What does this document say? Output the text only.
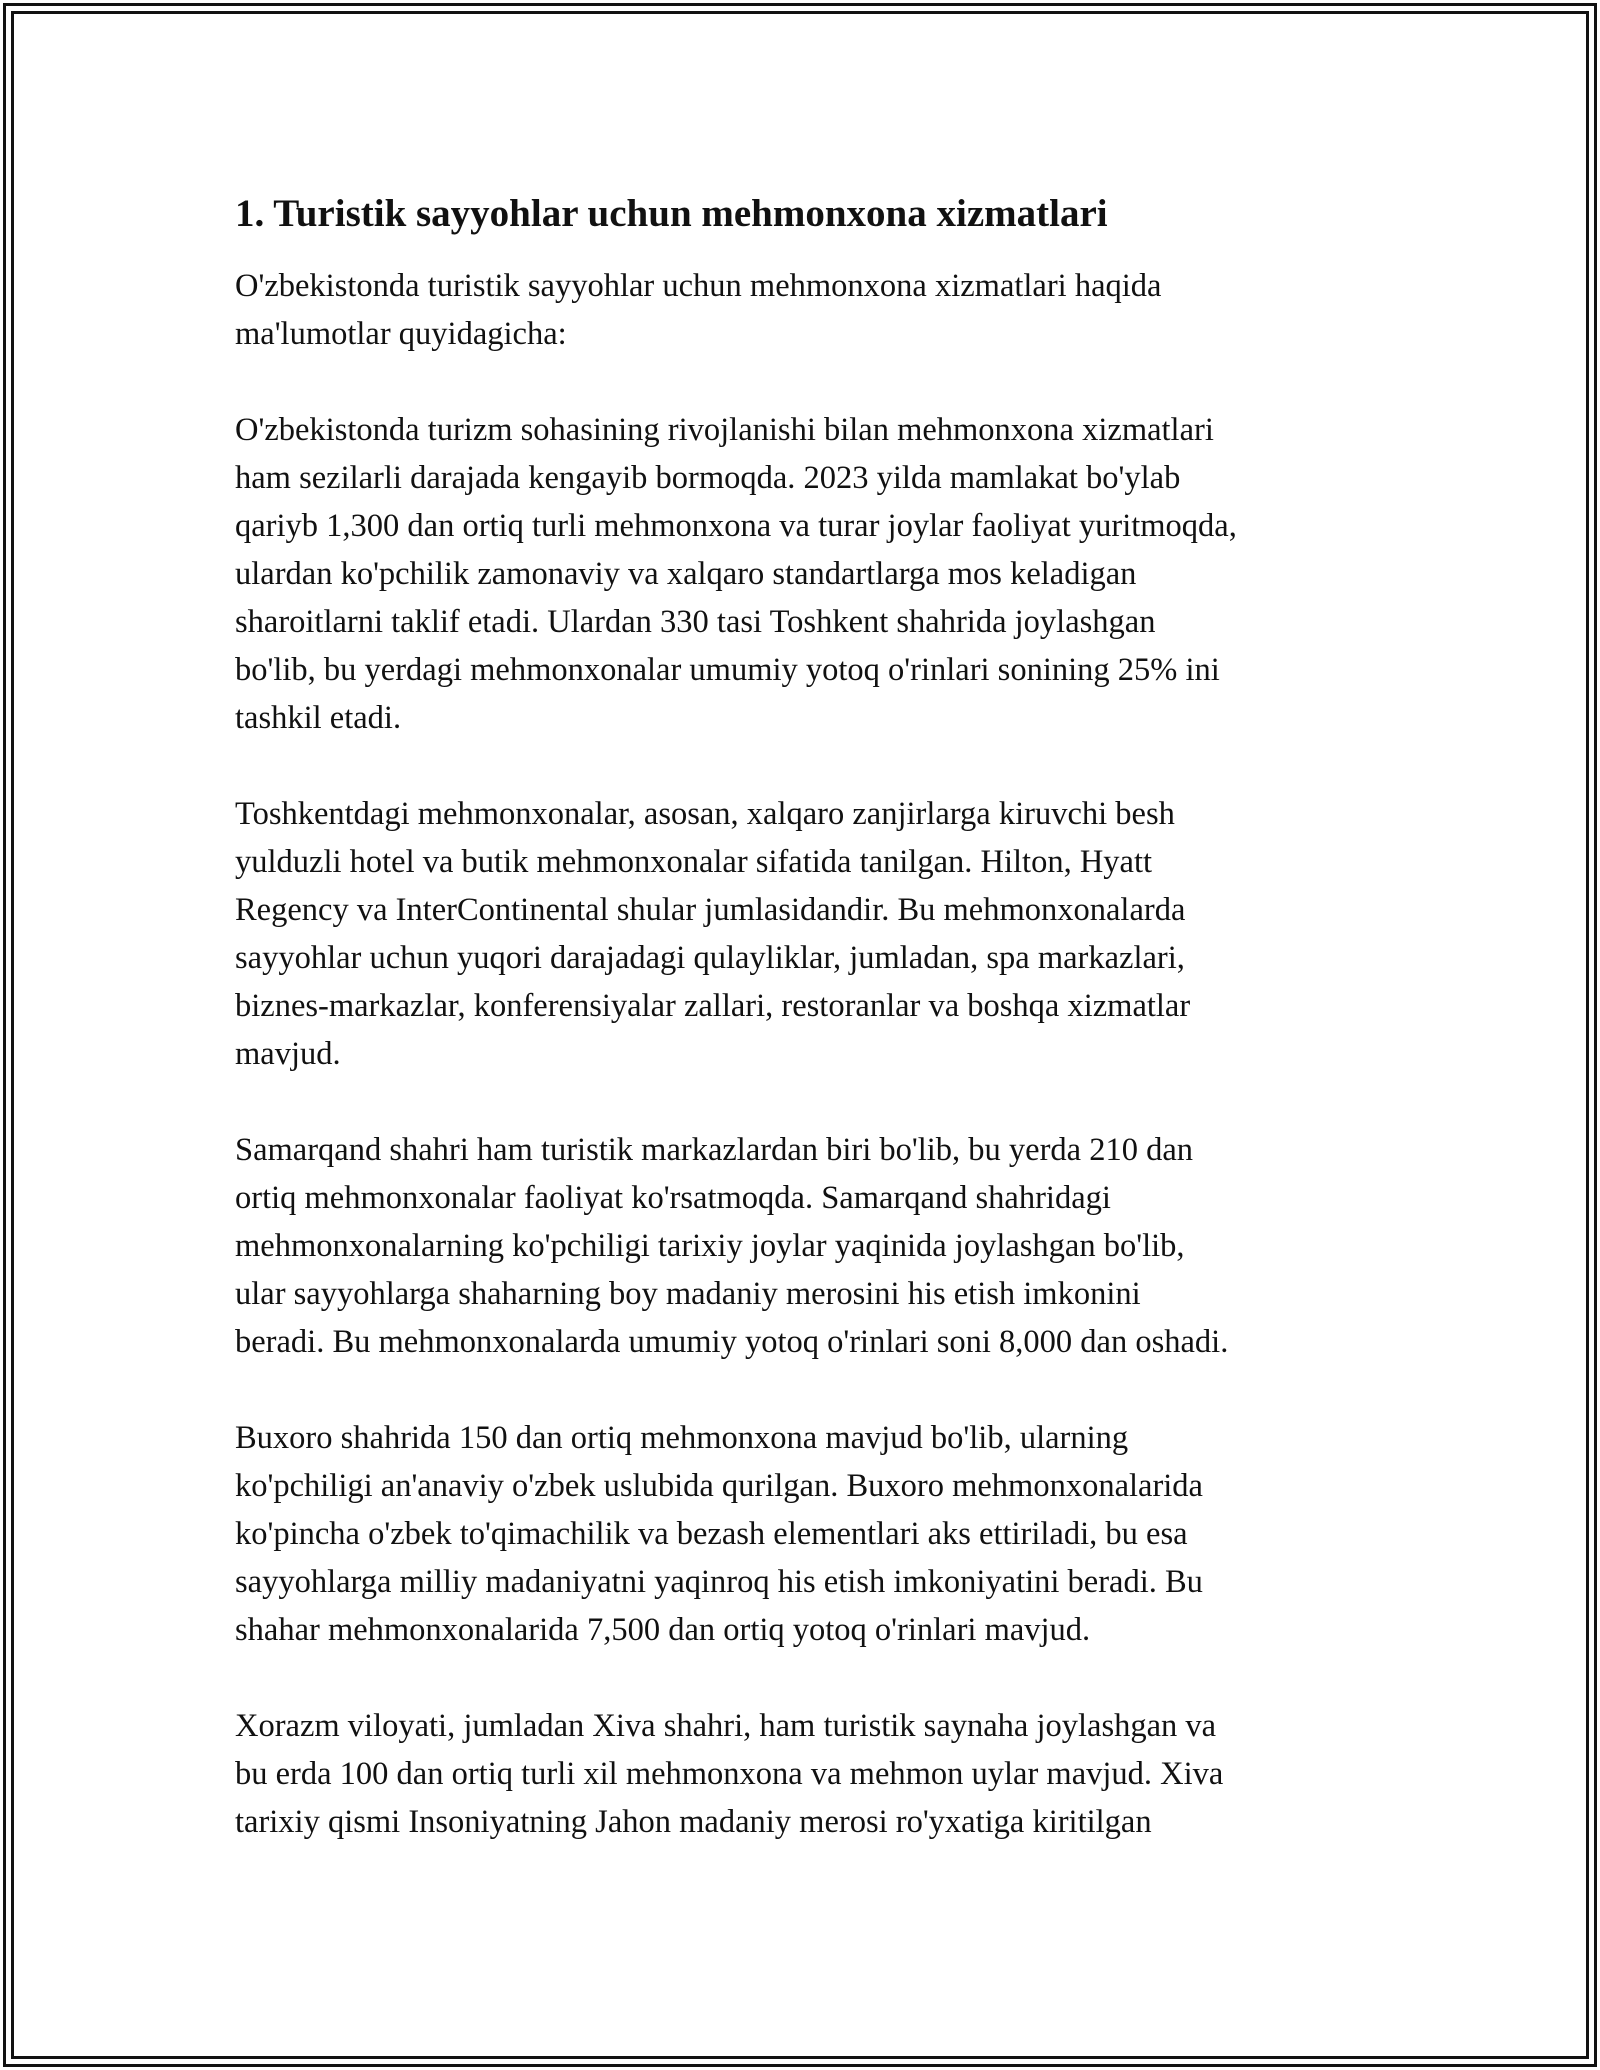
1. Turistik sayyohlar uchun mehmonxona xizmatlari

O'zbekistonda turistik sayyohlar uchun mehmonxona xizmatlari haqida
ma'lumotlar quyidagicha:

O'zbekistonda turizm sohasining rivojlanishi bilan mehmonxona xizmatlari
ham sezilarli darajada kengayib bormoqda. 2023 yilda mamlakat bo'ylab
qariyb 1,300 dan ortiq turli mehmonxona va turar joylar faoliyat yuritmoqda,
ulardan ko'pchilik zamonaviy va xalqaro standartlarga mos keladigan
sharoitlarni taklif etadi. Ulardan 330 tasi Toshkent shahrida joylashgan
bo'lib, bu yerdagi mehmonxonalar umumiy yotoq o'rinlari sonining 25% ini
tashkil etadi.

Toshkentdagi mehmonxonalar, asosan, xalqaro zanjirlarga kiruvchi besh
yulduzli hotel va butik mehmonxonalar sifatida tanilgan. Hilton, Hyatt
Regency va InterContinental shular jumlasidandir. Bu mehmonxonalarda
sayyohlar uchun yuqori darajadagi qulayliklar, jumladan, spa markazlari,
biznes-markazlar, konferensiyalar zallari, restoranlar va boshqa xizmatlar
mavjud.

Samarqand shahri ham turistik markazlardan biri bo'lib, bu yerda 210 dan
ortiq mehmonxonalar faoliyat ko'rsatmoqda. Samarqand shahridagi
mehmonxonalarning ko'pchiligi tarixiy joylar yaqinida joylashgan bo'lib,
ular sayyohlarga shaharning boy madaniy merosini his etish imkonini
beradi. Bu mehmonxonalarda umumiy yotoq o'rinlari soni 8,000 dan oshadi.

Buxoro shahrida 150 dan ortiq mehmonxona mavjud bo'lib, ularning
ko'pchiligi an'anaviy o'zbek uslubida qurilgan. Buxoro mehmonxonalarida
ko'pincha o'zbek to'qimachilik va bezash elementlari aks ettiriladi, bu esa
sayyohlarga milliy madaniyatni yaqinroq his etish imkoniyatini beradi. Bu
shahar mehmonxonalarida 7,500 dan ortiq yotoq o'rinlari mavjud.

Xorazm viloyati, jumladan Xiva shahri, ham turistik saynaha joylashgan va
bu erda 100 dan ortiq turli xil mehmonxona va mehmon uylar mavjud. Xiva
tarixiy qismi Insoniyatning Jahon madaniy merosi ro'yxatiga kiritilgan
